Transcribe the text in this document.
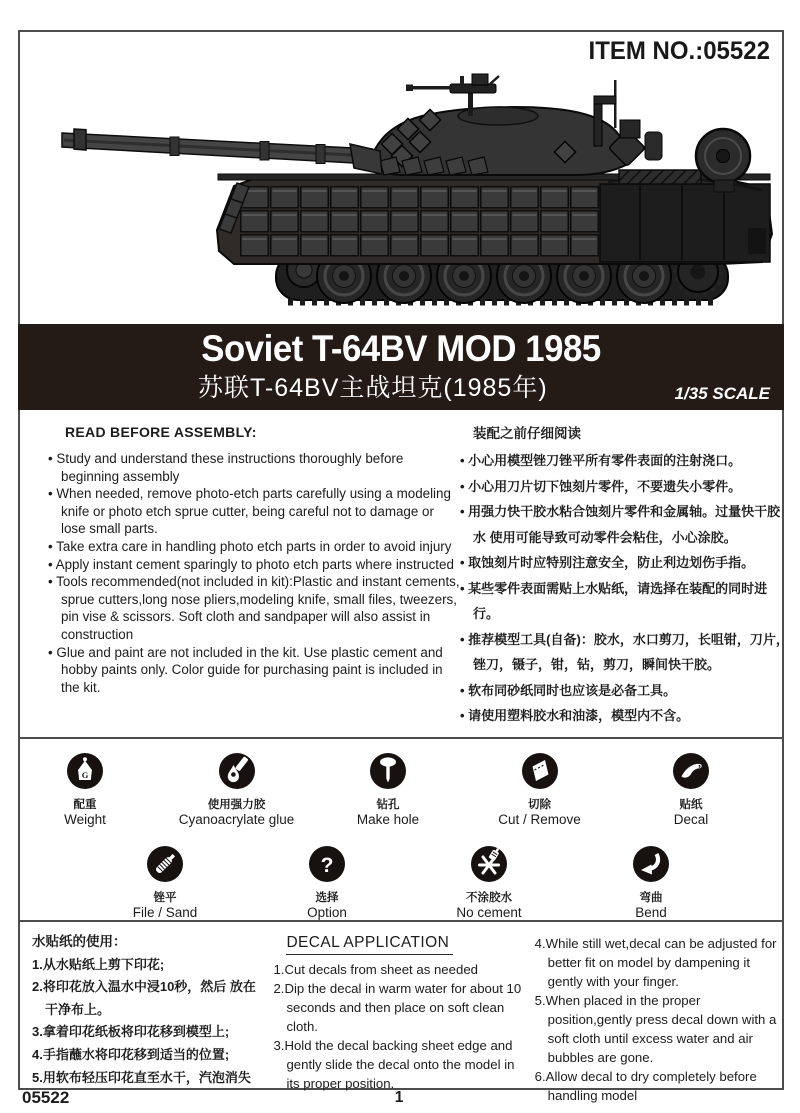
ITEM NO.:05522
Soviet T-64BV MOD 1985
苏联T-64BV主战坦克(1985年)	1/35 SCALE
READ BEFORE ASSEMBLY:
• Study and understand these instructions thoroughly before beginning assembly
• When needed, remove photo-etch parts carefully using a modeling knife or photo etch sprue cutter, being careful not to damage or lose small parts.
• Take extra care in handling photo etch parts in order to avoid injury
• Apply instant cement sparingly to photo etch parts where instructed
• Tools recommended(not included in kit):Plastic and instant cements, sprue cutters,long nose pliers,modeling knife, small files, tweezers, pin vise & scissors. Soft cloth and sandpaper will also assist in construction
• Glue and paint are not included in the kit. Use plastic cement and hobby paints only. Color guide for purchasing paint is included in the kit.
装配之前仔细阅读
• 小心用模型锉刀锉平所有零件表面的注射浇口。
• 小心用刀片切下蚀刻片零件，不要遗失小零件。
• 用强力快干胶水粘合蚀刻片零件和金属轴。过量快干胶水 使用可能导致可动零件会粘住，小心涂胶。
• 取蚀刻片时应特别注意安全，防止利边划伤手指。
• 某些零件表面需贴上水贴纸，请选择在装配的同时进行。
• 推荐模型工具(自备)：胶水，水口剪刀，长咀钳，刀片， 锉刀，镊子，钳，钻，剪刀，瞬间快干胶。
• 软布同砂纸同时也应该是必备工具。
• 请使用塑料胶水和油漆，模型内不含。
G
配重
Weight
使用强力胶
Cyanoacrylate glue
钻孔
Make hole
切除
Cut / Remove
贴纸
Decal
锉平
File / Sand
?
选择
Option
不涂胶水
No cement
弯曲
Bend
水贴纸的使用：
1.从水贴纸上剪下印花;
2.将印花放入温水中浸10秒，然后 放在干净布上。
3.拿着印花纸板将印花移到模型上;
4.手指蘸水将印花移到适当的位置;
5.用软布轻压印花直至水干，汽泡消失
DECAL APPLICATION
1.Cut decals from sheet as needed
2.Dip the decal in warm water for about 10 seconds and then place on soft clean cloth.
3.Hold the decal backing sheet edge and gently slide the decal onto the model in its proper position.
4.While still wet,decal can be adjusted for better fit on model by dampening it gently with your finger.
5.When placed in the proper position,gently press decal down with a soft cloth until excess water and air bubbles are gone.
6.Allow decal to dry completely before handling model
05522	1
